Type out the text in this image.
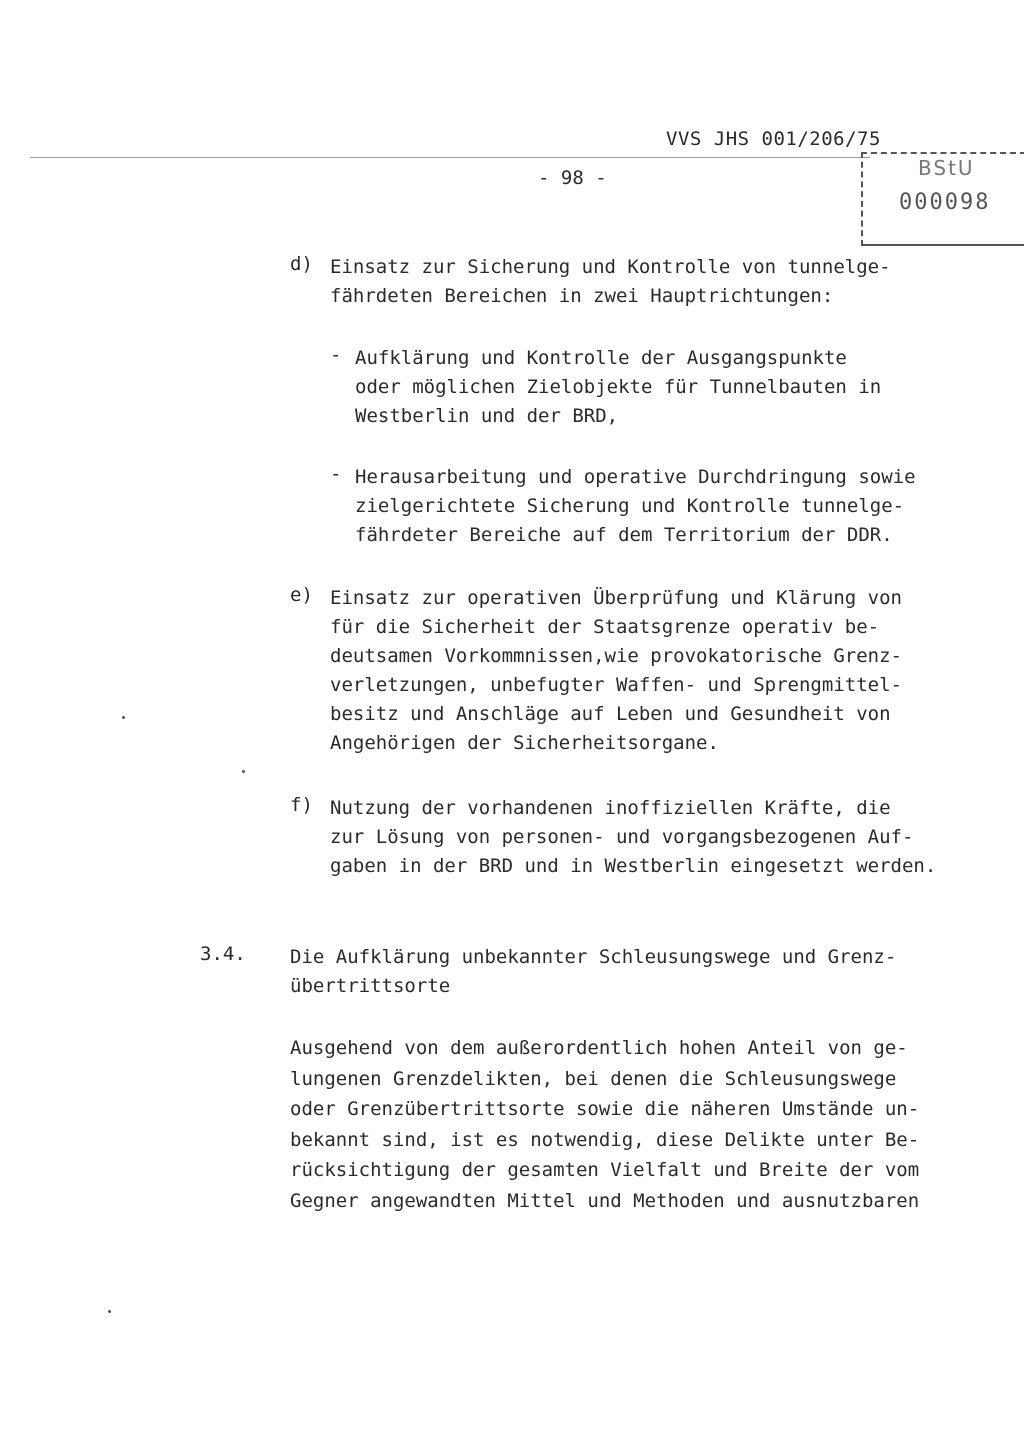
VVS JHS 001/206/75
- 98 -	BStU
000098
d) Einsatz zur Sicherung und Kontrolle von tunnelge-
fährdeten Bereichen in zwei Hauptrichtungen:
- Aufklärung und Kontrolle der Ausgangspunkte
oder möglichen Zielobjekte für Tunnelbauten in
Westberlin und der BRD,
- Herausarbeitung und operative Durchdringung sowie
zielgerichtete Sicherung und Kontrolle tunnelge-
fährdeter Bereiche auf dem Territorium der DDR.
e) Einsatz zur operativen Überprüfung und Klärung von
für die Sicherheit der Staatsgrenze operativ be-
deutsamen Vorkommnissen,wie provokatorische Grenz-
verletzungen, unbefugter Waffen- und Sprengmittel-
besitz und Anschläge auf Leben und Gesundheit von
Angehörigen der Sicherheitsorgane.
f) Nutzung der vorhandenen inoffiziellen Kräfte, die
zur Lösung von personen- und vorgangsbezogenen Auf-
gaben in der BRD und in Westberlin eingesetzt werden.
3.4. Die Aufklärung unbekannter Schleusungswege und Grenz-
übertrittsorte
Ausgehend von dem außerordentlich hohen Anteil von ge-
lungenen Grenzdelikten, bei denen die Schleusungswege
oder Grenzübertrittsorte sowie die näheren Umstände un-
bekannt sind, ist es notwendig, diese Delikte unter Be-
rücksichtigung der gesamten Vielfalt und Breite der vom
Gegner angewandten Mittel und Methoden und ausnutzbaren
